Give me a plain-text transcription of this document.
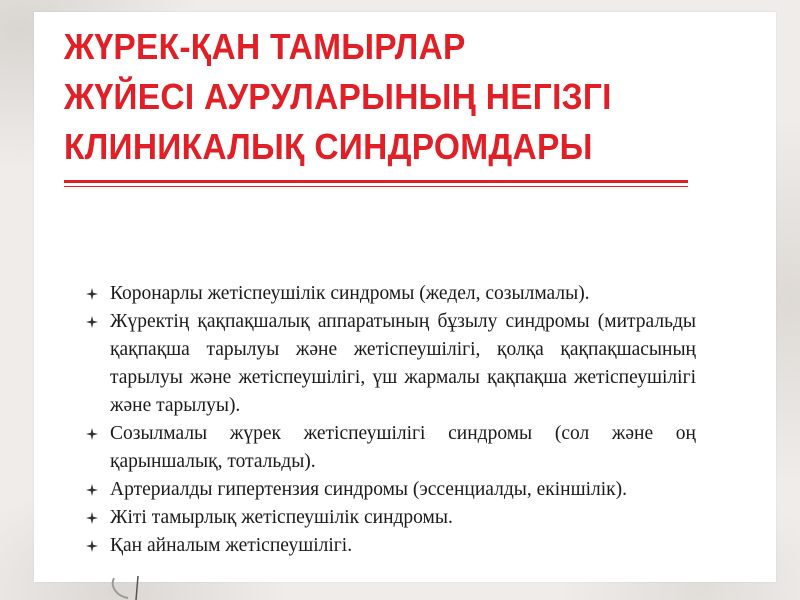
ЖҮРЕК-ҚАН ТАМЫРЛАР
ЖҮЙЕСІ АУРУЛАРЫНЫҢ НЕГІЗГІ
КЛИНИКАЛЫҚ СИНДРОМДАРЫ
Коронарлы жетіспеушілік синдромы (жедел, созылмалы).
Жүректің қақпақшалық аппаратының бұзылу синдромы (митральды қақпақша тарылуы және жетіспеушілігі, қолқа қақпақшасының тарылуы және жетіспеушілігі, үш жармалы қақпақша жетіспеушілігі және тарылуы).
Созылмалы жүрек жетіспеушілігі синдромы (сол және оң қарыншалық, тотальды).
Артериалды гипертензия синдромы (эссенциалды, екіншілік).
Жіті тамырлық жетіспеушілік синдромы.
Қан айналым жетіспеушілігі.
